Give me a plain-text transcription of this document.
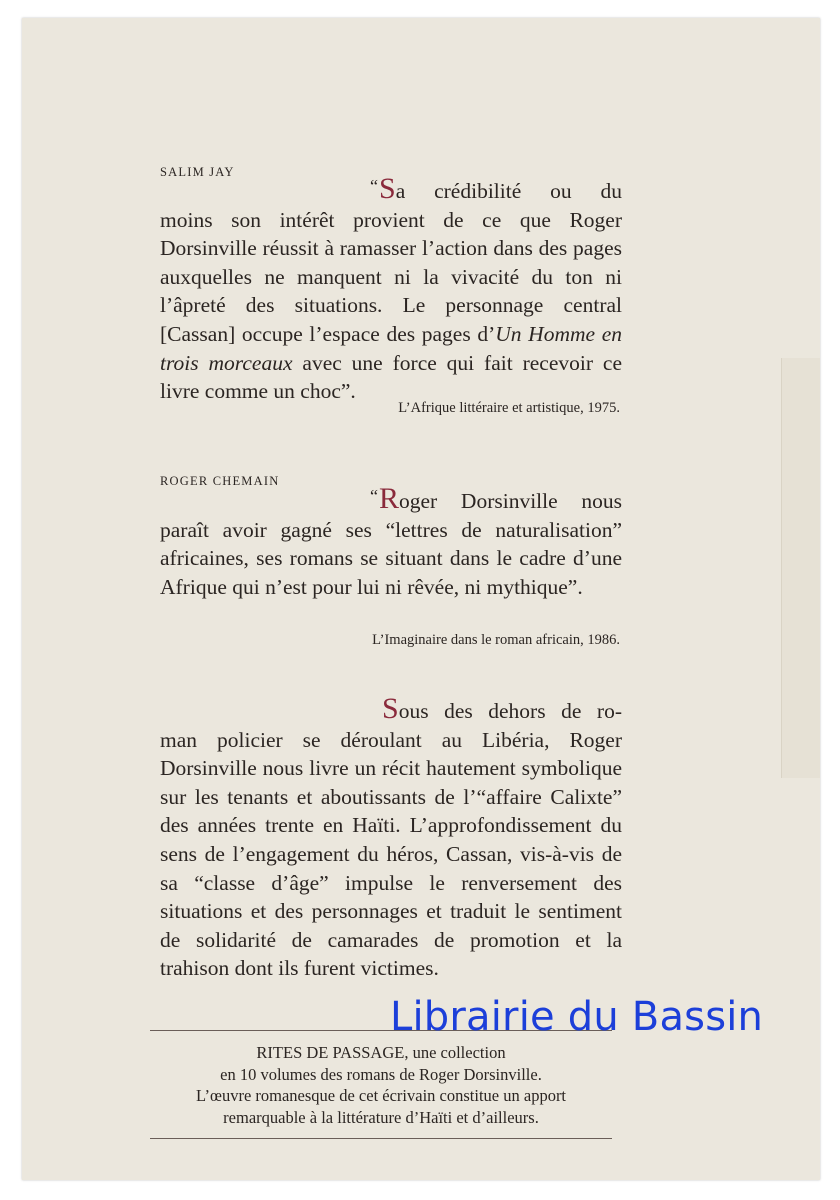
SALIM JAY
“Sa crédibilité ou du
moins son intérêt provient de ce que Roger Dorsinville réussit à ramasser l’action dans des pages auxquelles ne manquent ni la vivacité du ton ni l’âpreté des situations. Le personnage central [Cassan] occupe l’espace des pages d’Un Homme en trois morceaux avec une force qui fait recevoir ce livre comme un choc”.
L’Afrique littéraire et artistique, 1975.
ROGER CHEMAIN
“Roger Dorsinville nous
paraît avoir gagné ses “lettres de naturalisation” africaines, ses romans se situant dans le cadre d’une Afrique qui n’est pour lui ni rêvée, ni mythique”.
L’Imaginaire dans le roman africain, 1986.
Sous des dehors de ro-
man policier se déroulant au Libéria, Roger Dorsinville nous livre un récit hautement symbolique sur les tenants et aboutissants de l’“affaire Calixte” des années trente en Haïti. L’approfondissement du sens de l’engagement du héros, Cassan, vis-à-vis de sa “classe d’âge” impulse le renversement des situations et des personnages et traduit le sentiment de solidarité de camarades de promotion et la trahison dont ils furent victimes.
RITES DE PASSAGE, une collection
en 10 volumes des romans de Roger Dorsinville.
L’œuvre romanesque de cet écrivain constitue un apport
remarquable à la littérature d’Haïti et d’ailleurs.
Librairie du Bassin
